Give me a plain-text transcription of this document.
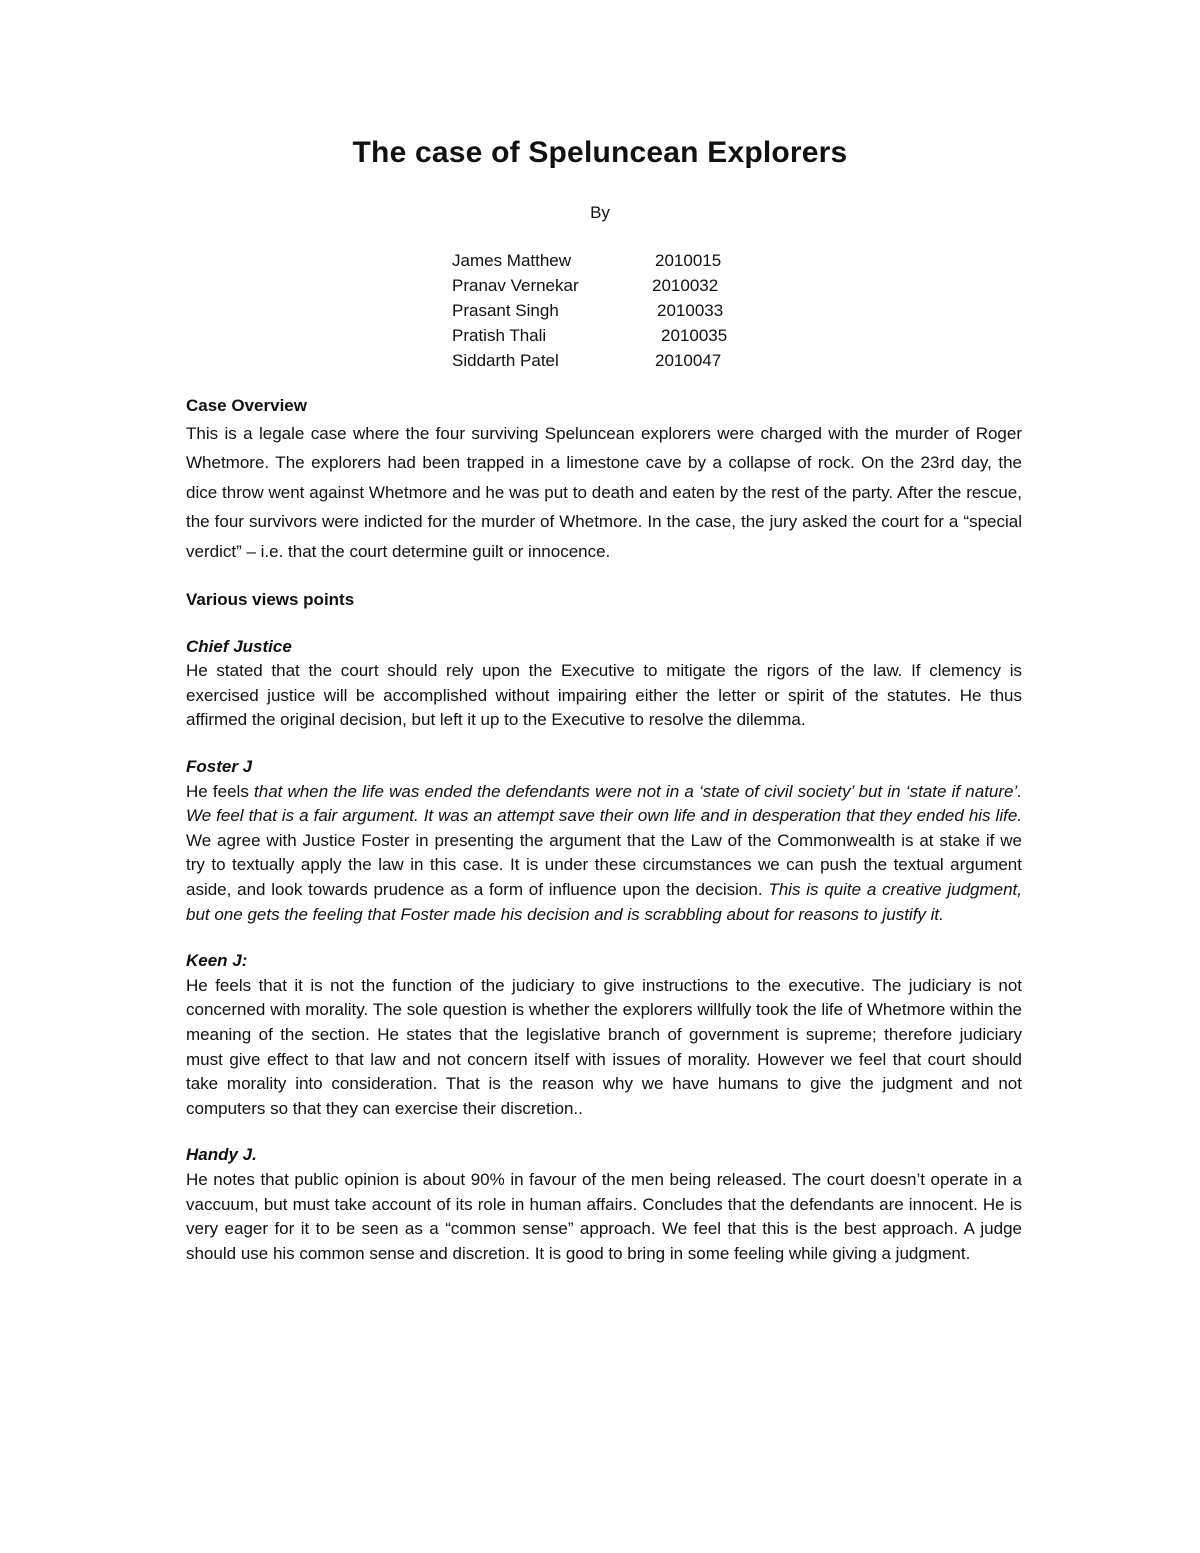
The case of Speluncean Explorers
By
James Matthew	2010015
Pranav Vernekar	2010032
Prasant Singh	2010033
Pratish Thali	2010035
Siddarth Patel	2010047
Case Overview

This is a legale case where the four surviving Speluncean explorers were charged with the murder of Roger Whetmore. The explorers had been trapped in a limestone cave by a collapse of rock. On the 23rd day, the dice throw went against Whetmore and he was put to death and eaten by the rest of the party. After the rescue, the four survivors were indicted for the murder of Whetmore. In the case, the jury asked the court for a “special verdict” – i.e. that the court determine guilt or innocence.

Various views points
Chief Justice

He stated that the court should rely upon the Executive to mitigate the rigors of the law. If clemency is exercised justice will be accomplished without impairing either the letter or spirit of the statutes. He thus affirmed the original decision, but left it up to the Executive to resolve the dilemma.

Foster J

He feels that when the life was ended the defendants were not in a ‘state of civil society’ but in ‘state if nature’. We feel that is a fair argument. It was an attempt save their own life and in desperation that they ended his life. We agree with Justice Foster in presenting the argument that the Law of the Commonwealth is at stake if we try to textually apply the law in this case. It is under these circumstances we can push the textual argument aside, and look towards prudence as a form of influence upon the decision. This is quite a creative judgment, but one gets the feeling that Foster made his decision and is scrabbling about for reasons to justify it.

Keen J:

He feels that it is not the function of the judiciary to give instructions to the executive. The judiciary is not concerned with morality. The sole question is whether the explorers willfully took the life of Whetmore within the meaning of the section. He states that the legislative branch of government is supreme; therefore judiciary must give effect to that law and not concern itself with issues of morality. However we feel that court should take morality into consideration. That is the reason why we have humans to give the judgment and not computers so that they can exercise their discretion..

Handy J.

He notes that public opinion is about 90% in favour of the men being released. The court doesn’t operate in a vaccuum, but must take account of its role in human affairs. Concludes that the defendants are innocent. He is very eager for it to be seen as a “common sense” approach. We feel that this is the best approach. A judge should use his common sense and discretion. It is good to bring in some feeling while giving a judgment.
